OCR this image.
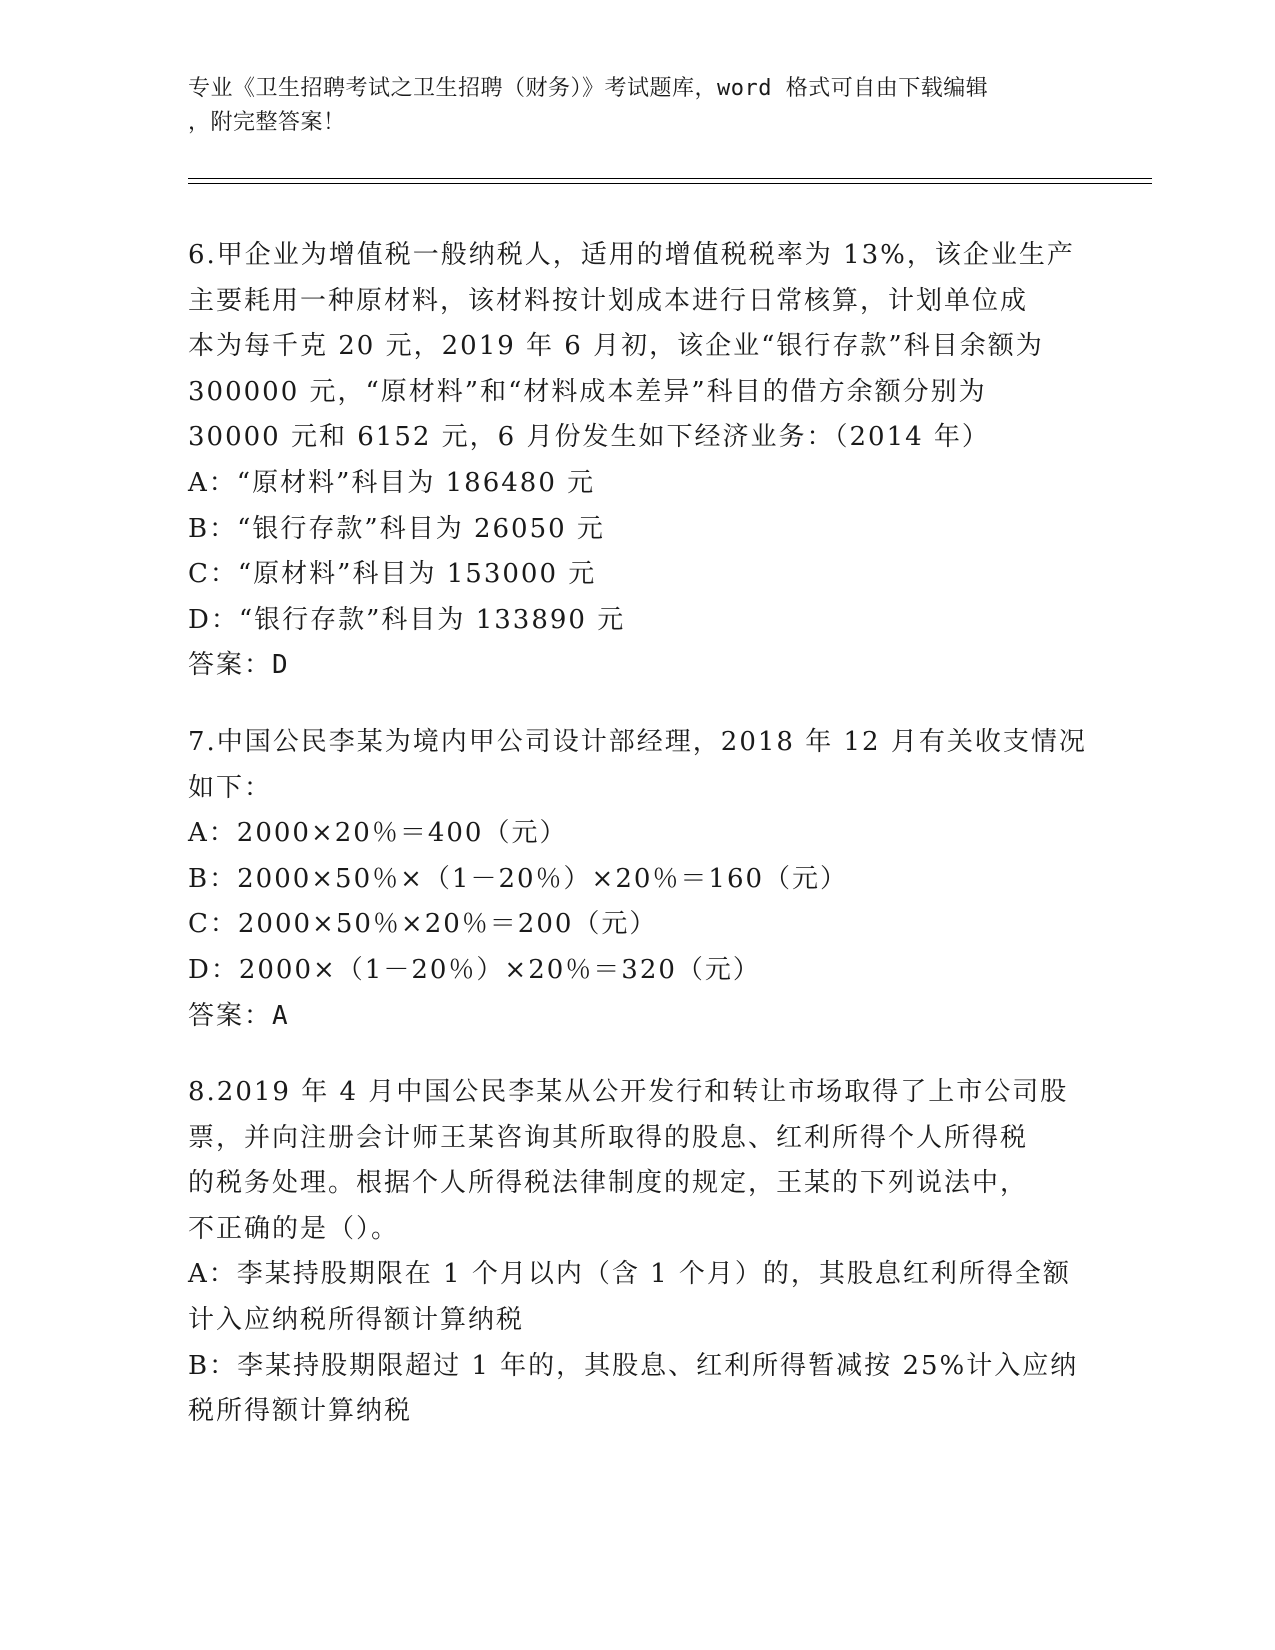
专业《卫生招聘考试之卫生招聘（财务）》考试题库，word 格式可自由下载编辑
，附完整答案！
6.甲企业为增值税一般纳税人，适用的增值税税率为 13%，该企业生产
主要耗用一种原材料，该材料按计划成本进行日常核算，计划单位成
本为每千克 20 元，2019 年 6 月初，该企业“银行存款”科目余额为
300000 元，“原材料”和“材料成本差异”科目的借方余额分别为
30000 元和 6152 元，6 月份发生如下经济业务：（2014 年）
A：“原材料”科目为 186480 元
B：“银行存款”科目为 26050 元
C：“原材料”科目为 153000 元
D：“银行存款”科目为 133890 元
答案：D
7.中国公民李某为境内甲公司设计部经理，2018 年 12 月有关收支情况
如下：
A：2000×20％＝400（元）
B：2000×50％×（1－20％）×20％＝160（元）
C：2000×50％×20％＝200（元）
D：2000×（1－20％）×20％＝320（元）
答案：A
8.2019 年 4 月中国公民李某从公开发行和转让市场取得了上市公司股
票，并向注册会计师王某咨询其所取得的股息、红利所得个人所得税
的税务处理。根据个人所得税法律制度的规定，王某的下列说法中，
不正确的是（）。
A：李某持股期限在 1 个月以内（含 1 个月）的，其股息红利所得全额
计入应纳税所得额计算纳税
B：李某持股期限超过 1 年的，其股息、红利所得暂减按 25%计入应纳
税所得额计算纳税
